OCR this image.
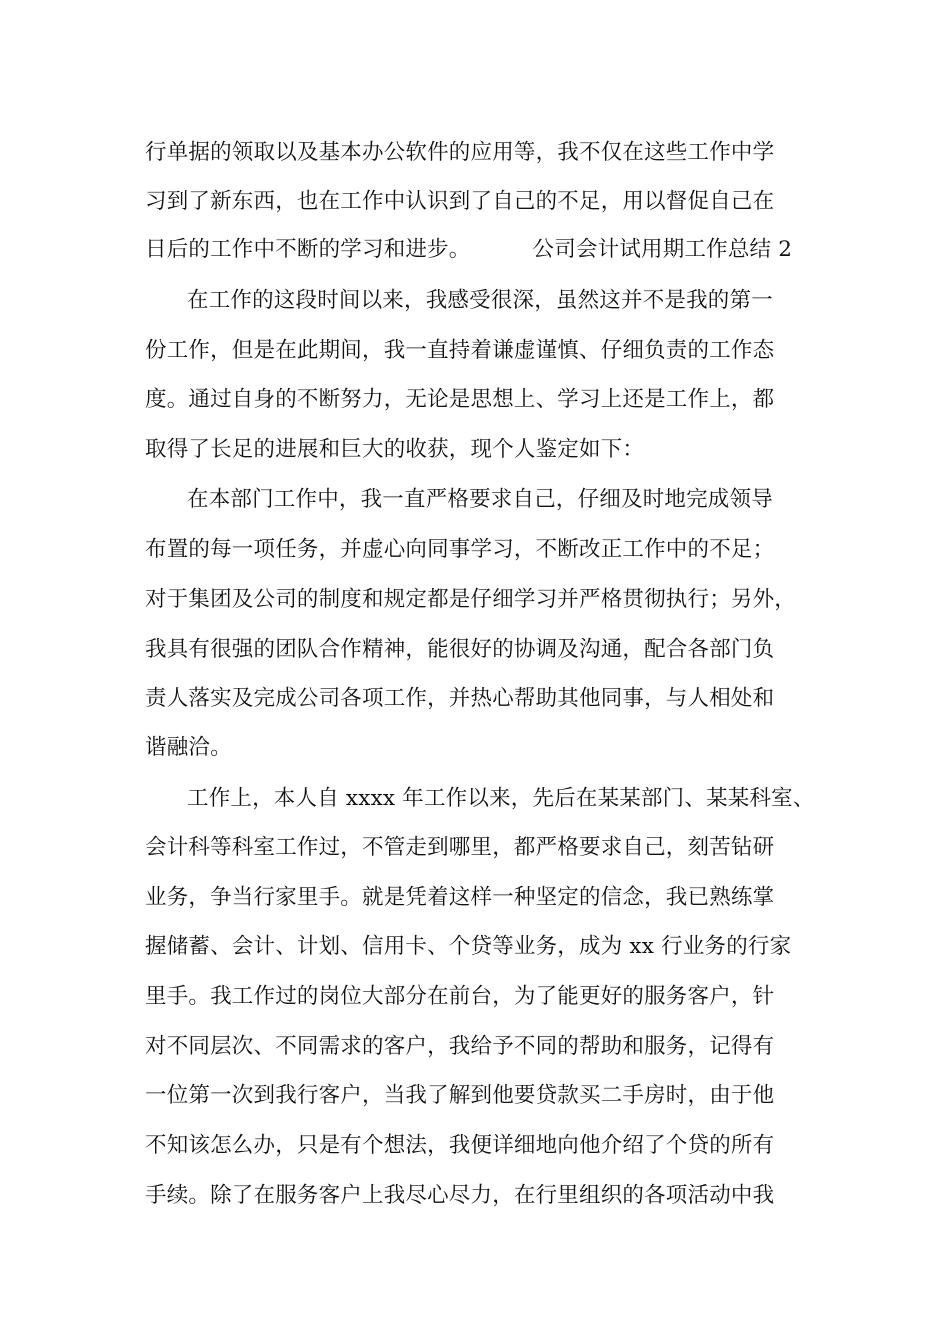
行单据的领取以及基本办公软件的应用等，我不仅在这些工作中学
习到了新东西，也在工作中认识到了自己的不足，用以督促自己在
日后的工作中不断的学习和进步。	公司会计试用期工作总结 2
在工作的这段时间以来，我感受很深，虽然这并不是我的第一
份工作，但是在此期间，我一直持着谦虚谨慎、仔细负责的工作态
度。通过自身的不断努力，无论是思想上、学习上还是工作上，都
取得了长足的进展和巨大的收获，现个人鉴定如下：
在本部门工作中，我一直严格要求自己，仔细及时地完成领导
布置的每一项任务，并虚心向同事学习，不断改正工作中的不足；
对于集团及公司的制度和规定都是仔细学习并严格贯彻执行；另外，
我具有很强的团队合作精神，能很好的协调及沟通，配合各部门负
责人落实及完成公司各项工作，并热心帮助其他同事，与人相处和
谐融洽。
工作上，本人自 xxxx 年工作以来，先后在某某部门、某某科室、
会计科等科室工作过，不管走到哪里，都严格要求自己，刻苦钻研
业务，争当行家里手。就是凭着这样一种坚定的信念，我已熟练掌
握储蓄、会计、计划、信用卡、个贷等业务，成为 xx 行业务的行家
里手。我工作过的岗位大部分在前台，为了能更好的服务客户，针
对不同层次、不同需求的客户，我给予不同的帮助和服务，记得有
一位第一次到我行客户，当我了解到他要贷款买二手房时，由于他
不知该怎么办，只是有个想法，我便详细地向他介绍了个贷的所有
手续。除了在服务客户上我尽心尽力，在行里组织的各项活动中我
